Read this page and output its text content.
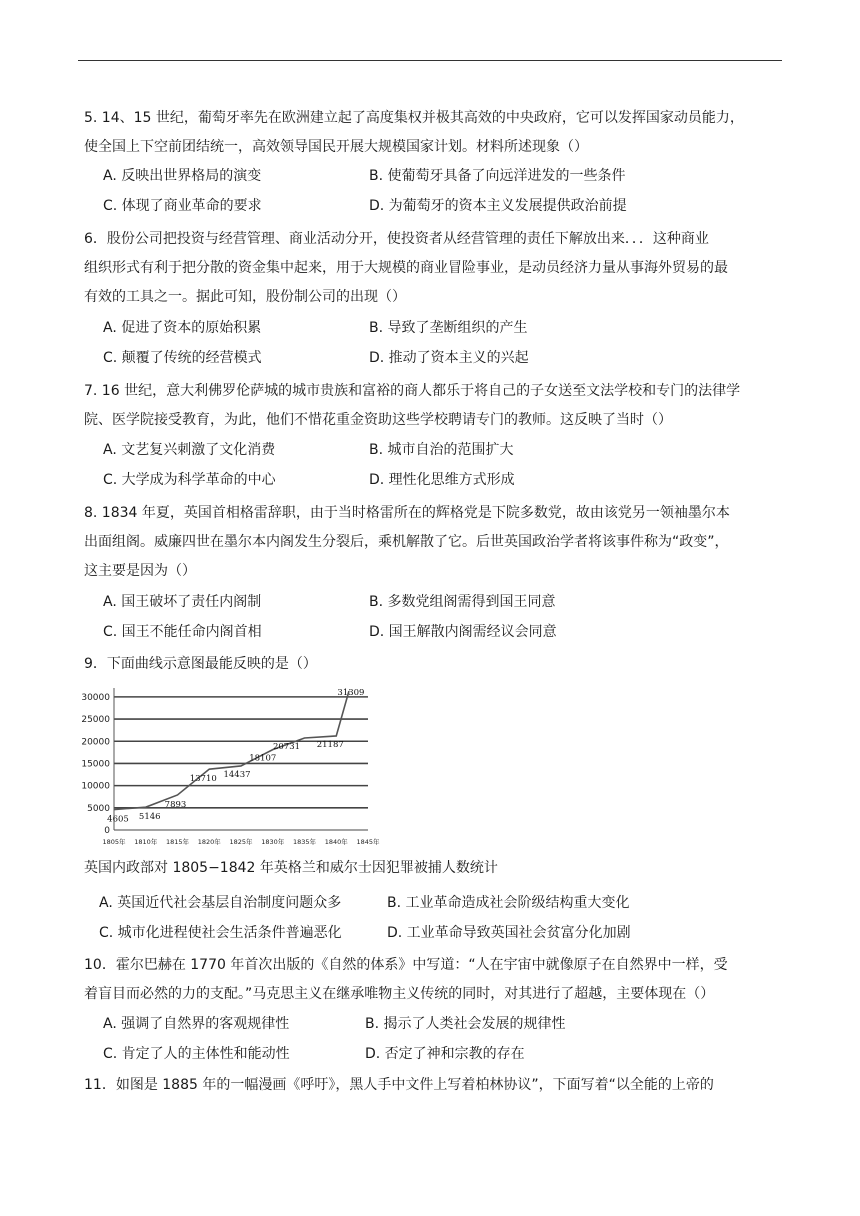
5. 14、15 世纪，葡萄牙率先在欧洲建立起了高度集权并极其高效的中央政府，它可以发挥国家动员能力，
使全国上下空前团结统一，高效领导国民开展大规模国家计划。材料所述现象（）
A. 反映出世界格局的演变	B. 使葡萄牙具备了向远洋进发的一些条件
C. 体现了商业革命的要求	D. 为葡萄牙的资本主义发展提供政治前提
6．股份公司把投资与经营管理、商业活动分开，使投资者从经营管理的责任下解放出来．．．这种商业
组织形式有利于把分散的资金集中起来，用于大规模的商业冒险事业，是动员经济力量从事海外贸易的最
有效的工具之一。据此可知，股份制公司的出现（）
A. 促进了资本的原始积累	B. 导致了垄断组织的产生
C. 颠覆了传统的经营模式	D. 推动了资本主义的兴起
7. 16 世纪，意大利佛罗伦萨城的城市贵族和富裕的商人都乐于将自己的子女送至文法学校和专门的法律学
院、医学院接受教育，为此，他们不惜花重金资助这些学校聘请专门的教师。这反映了当时（）
A. 文艺复兴刺激了文化消费	B. 城市自治的范围扩大
C. 大学成为科学革命的中心	D. 理性化思维方式形成
8. 1834 年夏，英国首相格雷辞职，由于当时格雷所在的辉格党是下院多数党，故由该党另一领袖墨尔本
出面组阁。威廉四世在墨尔本内阁发生分裂后，乘机解散了它。后世英国政治学者将该事件称为“政变”，
这主要是因为（）
A. 国王破坏了责任内阁制	B. 多数党组阁需得到国王同意
C. 国王不能任命内阁首相	D. 国王解散内阁需经议会同意
9．下面曲线示意图最能反映的是（）
0
5000
10000
15000
20000
25000
30000
1805年 1810年 1815年 1820年 1825年 1830年 1835年 1840年 1845年
4605 5146
7893
13710 14437
18107
20731 21187
31309
英国内政部对 1805−1842 年英格兰和威尔士因犯罪被捕人数统计
A. 英国近代社会基层自治制度问题众多	B. 工业革命造成社会阶级结构重大变化
C. 城市化进程使社会生活条件普遍恶化	D. 工业革命导致英国社会贫富分化加剧
10．霍尔巴赫在 1770 年首次出版的《自然的体系》中写道：“人在宇宙中就像原子在自然界中一样，受
着盲目而必然的力的支配。”马克思主义在继承唯物主义传统的同时，对其进行了超越，主要体现在（）
A. 强调了自然界的客观规律性	B. 揭示了人类社会发展的规律性
C. 肯定了人的主体性和能动性	D. 否定了神和宗教的存在
11．如图是 1885 年的一幅漫画《呼吁》，黑人手中文件上写着柏林协议”，下面写着“以全能的上帝的
